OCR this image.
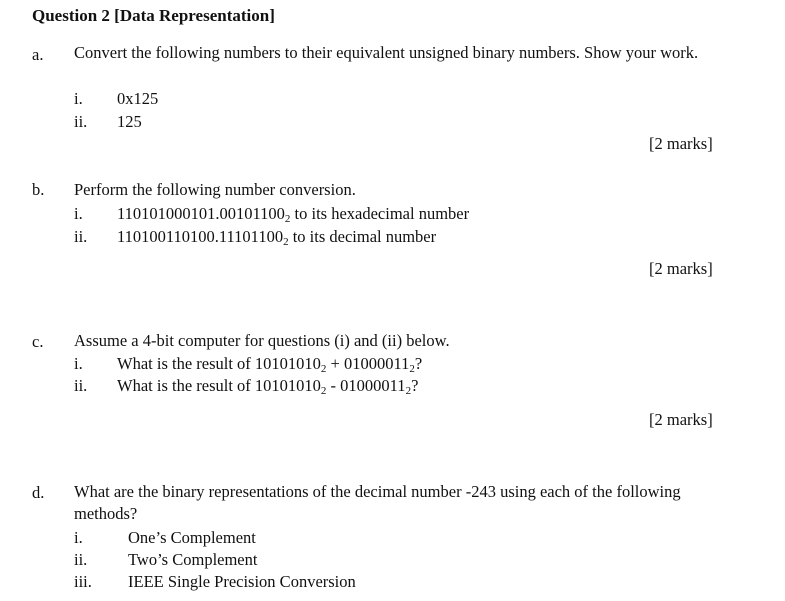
Question 2 [Data Representation]
a. Convert the following numbers to their equivalent unsigned binary numbers. Show your work.
i. 0x125
ii. 125
[2 marks]
b. Perform the following number conversion.
i. $110101000101.00101100_2$ to its hexadecimal number
ii. $110100110100.11101100_2$ to its decimal number
[2 marks]
c. Assume a 4-bit computer for questions (i) and (ii) below.
i. What is the result of $10101010_2 + 01000011_2$?
ii. What is the result of $10101010_2 - 01000011_2$?
[2 marks]
d. What are the binary representations of the decimal number -243 using each of the following methods?
i.	One’s Complement
ii. Two’s Complement
iii. IEEE Single Precision Conversion
